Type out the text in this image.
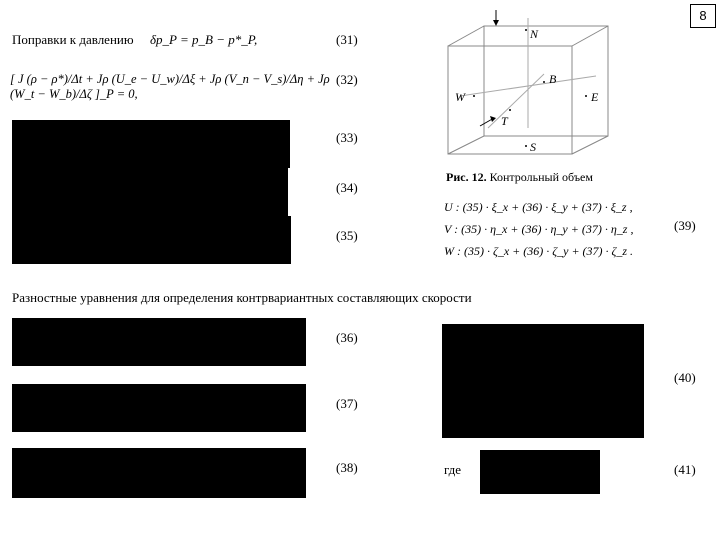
8
Поправки к давлению δp_P = p_B − p*_P,	(31)
[ J (ρ − ρ*)/Δt + Jρ (U_e − U_w)/Δξ + Jρ (V_n − V_s)/Δη + Jρ (W_t − W_b)/Δζ ]_P = 0,
(32)
(33)
(34)
(35)
N
B
W	E
T
S
Рис. 12. Контрольный объем
U : (35) · ξ_x + (36) · ξ_y + (37) · ξ_z ,
V : (35) · η_x + (36) · η_y + (37) · η_z ,
W : (35) · ζ_x + (36) · ζ_y + (37) · ζ_z .
(39)
Разностные уравнения для определения контрвариантных составляющих скорости
(36)
(37)
(38)
(40)
где	(41)
